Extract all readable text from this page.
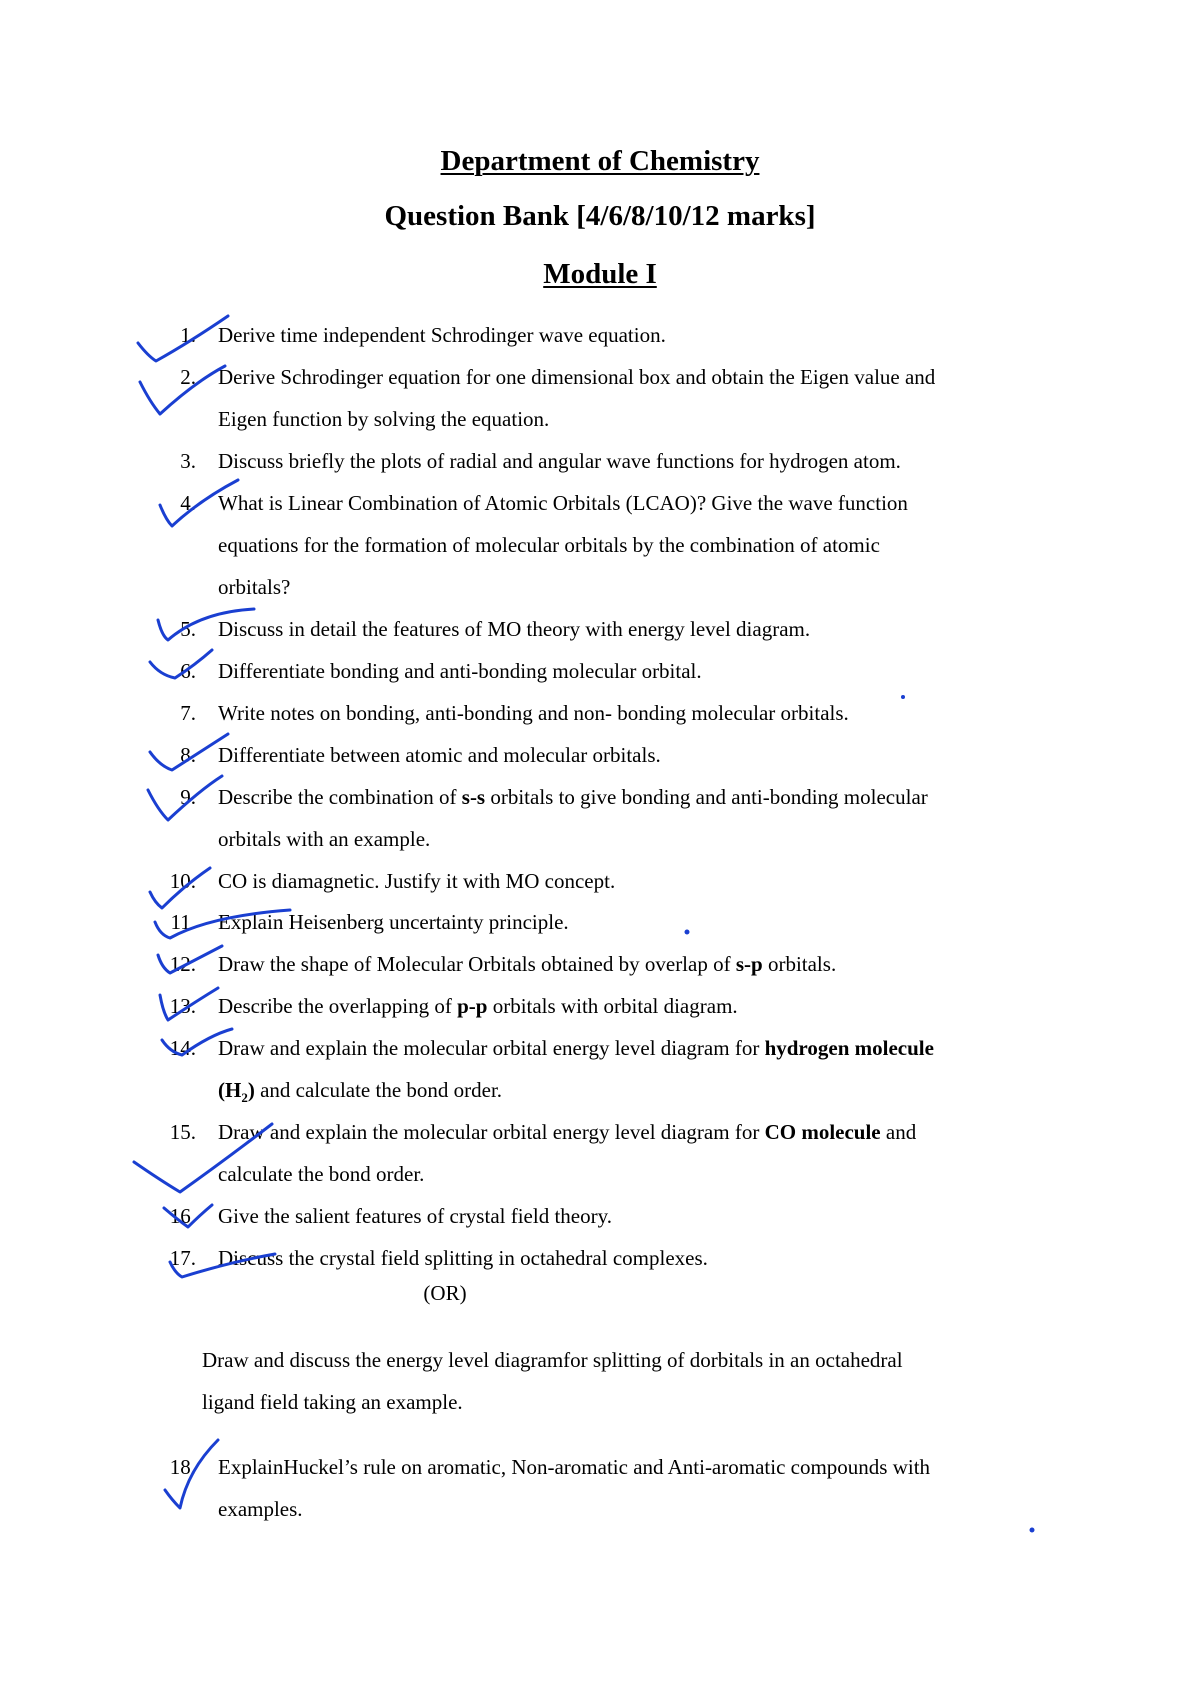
Department of Chemistry
Question Bank [4/6/8/10/12 marks]
Module I
1. Derive time independent Schrodinger wave equation.
2. Derive Schrodinger equation for one dimensional box and obtain the Eigen value and
Eigen function by solving the equation.
3. Discuss briefly the plots of radial and angular wave functions for hydrogen atom.
4. What is Linear Combination of Atomic Orbitals (LCAO)? Give the wave function
equations for the formation of molecular orbitals by the combination of atomic
orbitals?
5. Discuss in detail the features of MO theory with energy level diagram.
6. Differentiate bonding and anti-bonding molecular orbital.
7. Write notes on bonding, anti-bonding and non- bonding molecular orbitals.
8. Differentiate between atomic and molecular orbitals.
9. Describe the combination of s-s orbitals to give bonding and anti-bonding molecular
orbitals with an example.
10. CO is diamagnetic. Justify it with MO concept.
11. Explain Heisenberg uncertainty principle.
12. Draw the shape of Molecular Orbitals obtained by overlap of s-p orbitals.
13. Describe the overlapping of p-p orbitals with orbital diagram.
14. Draw and explain the molecular orbital energy level diagram for hydrogen molecule
$(H_2)$ and calculate the bond order.
15. Draw and explain the molecular orbital energy level diagram for CO molecule and
calculate the bond order.
16. Give the salient features of crystal field theory.
17. Discuss the crystal field splitting in octahedral complexes.
(OR)
Draw and discuss the energy level diagramfor splitting of dorbitals in an octahedral
ligand field taking an example.
18. ExplainHuckel’s rule on aromatic, Non-aromatic and Anti-aromatic compounds with
examples.
